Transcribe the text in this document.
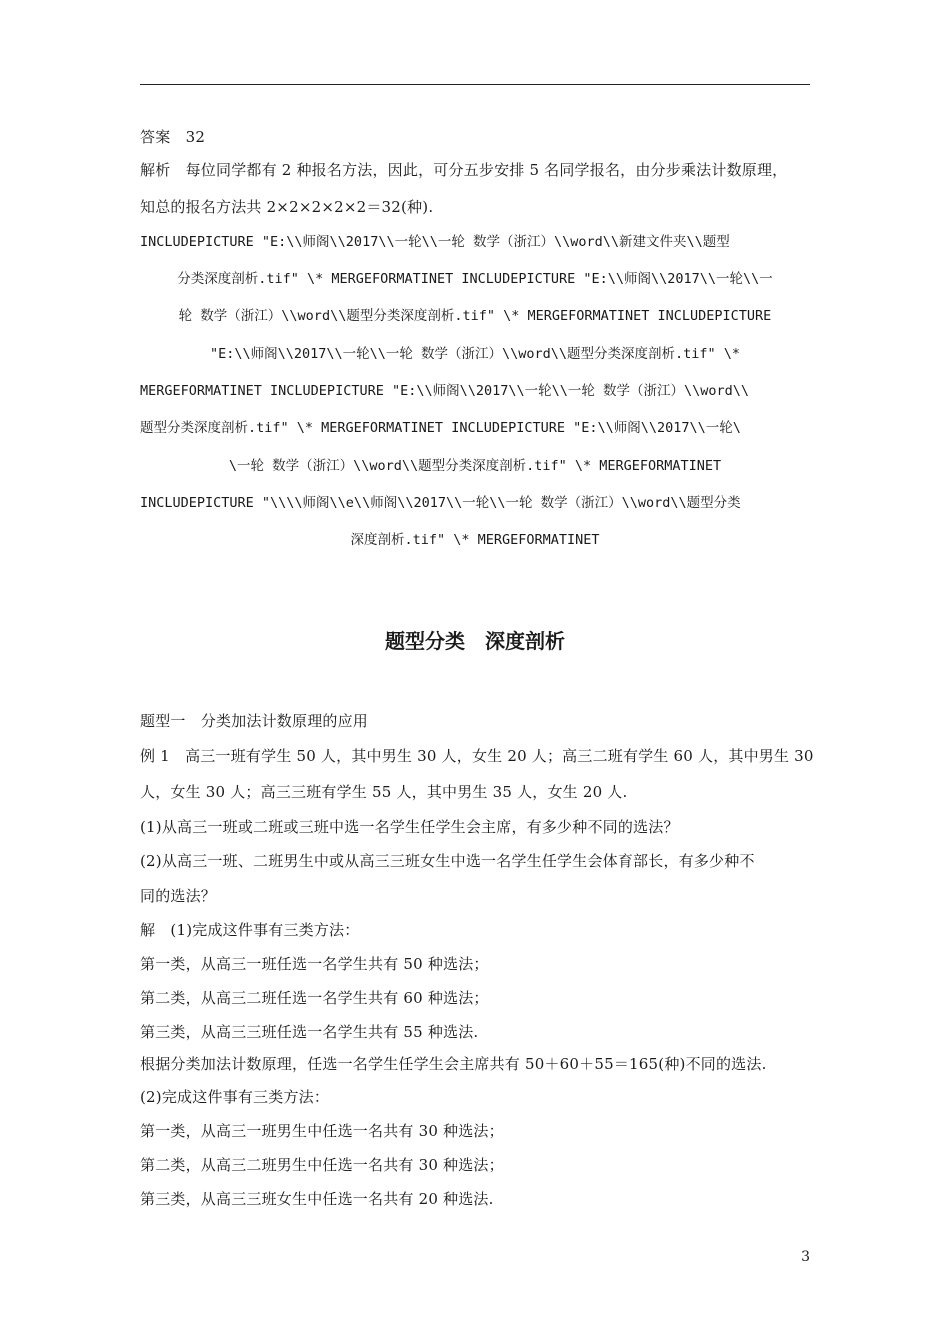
答案　32
解析　每位同学都有 2 种报名方法，因此，可分五步安排 5 名同学报名，由分步乘法计数原理，
知总的报名方法共 2×2×2×2×2＝32(种).
INCLUDEPICTURE "E:\\师阁\\2017\\一轮\\一轮 数学（浙江）\\word\\新建文件夹\\题型
分类深度剖析.tif" \* MERGEFORMATINET INCLUDEPICTURE "E:\\师阁\\2017\\一轮\\一
轮 数学（浙江）\\word\\题型分类深度剖析.tif" \* MERGEFORMATINET INCLUDEPICTURE
"E:\\师阁\\2017\\一轮\\一轮 数学（浙江）\\word\\题型分类深度剖析.tif" \*
MERGEFORMATINET INCLUDEPICTURE "E:\\师阁\\2017\\一轮\\一轮 数学（浙江）\\word\\
题型分类深度剖析.tif" \* MERGEFORMATINET INCLUDEPICTURE "E:\\师阁\\2017\\一轮\
\一轮 数学（浙江）\\word\\题型分类深度剖析.tif" \* MERGEFORMATINET
INCLUDEPICTURE "\\\\师阁\\e\\师阁\\2017\\一轮\\一轮 数学（浙江）\\word\\题型分类
深度剖析.tif" \* MERGEFORMATINET
题型分类　深度剖析
题型一　分类加法计数原理的应用
例 1　高三一班有学生 50 人，其中男生 30 人，女生 20 人；高三二班有学生 60 人，其中男生 30
人，女生 30 人；高三三班有学生 55 人，其中男生 35 人，女生 20 人.
(1)从高三一班或二班或三班中选一名学生任学生会主席，有多少种不同的选法？
(2)从高三一班、二班男生中或从高三三班女生中选一名学生任学生会体育部长，有多少种不
同的选法？
解　(1)完成这件事有三类方法：
第一类，从高三一班任选一名学生共有 50 种选法；
第二类，从高三二班任选一名学生共有 60 种选法；
第三类，从高三三班任选一名学生共有 55 种选法.
根据分类加法计数原理，任选一名学生任学生会主席共有 50＋60＋55＝165(种)不同的选法.
(2)完成这件事有三类方法：
第一类，从高三一班男生中任选一名共有 30 种选法；
第二类，从高三二班男生中任选一名共有 30 种选法；
第三类，从高三三班女生中任选一名共有 20 种选法.
3
